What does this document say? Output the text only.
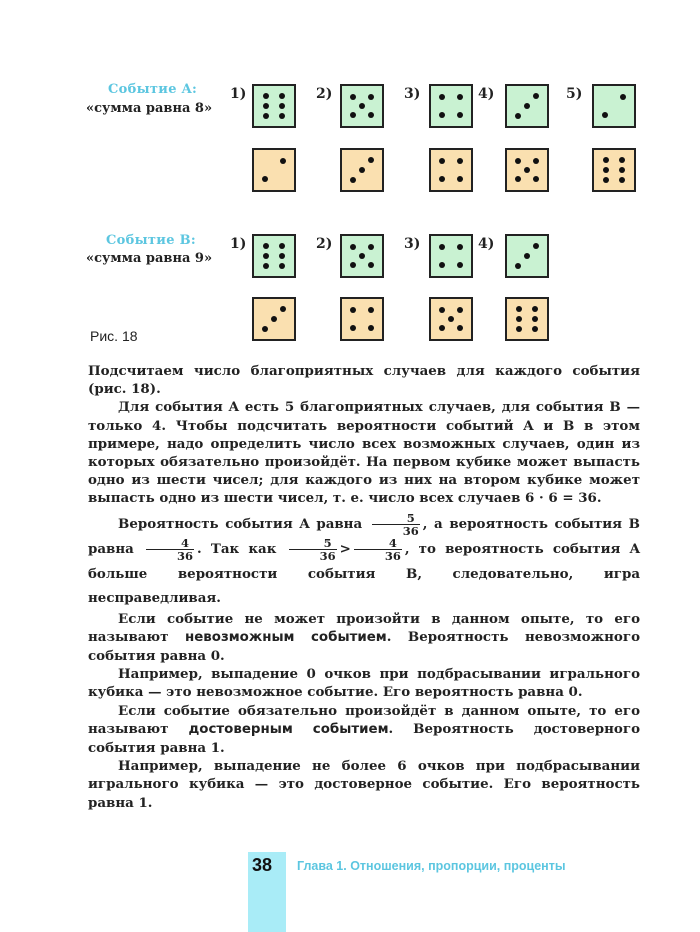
Событие A:
«сумма равна 8»
Событие B:
«сумма равна 9»
1)	2)	3)	4)	5)
1)	2)	3)	4)
Рис. 18

Подсчитаем число благоприятных случаев для каждого события (рис. 18).

Для события A есть 5 благоприятных случаев, для события B — только 4. Чтобы подсчитать вероятности событий A и B в этом примере, надо определить число всех возможных случаев, один из которых обязательно произойдёт. На первом кубике может выпасть одно из шести чисел; для каждого из них на втором кубике может выпасть одно из шести чисел, т. е. число всех случаев 6 · 6 = 36.

Вероятность события A равна $\frac{5}{36}$ , а вероятность события B равна $\frac{4}{36}$ . Так как $\frac{5}{36} > \frac{4}{36}$ , то вероятность события A больше вероятности события B, следовательно, игра несправедливая.

Если событие не может произойти в данном опыте, то его называют невозможным событием. Вероятность невозможного события равна 0.

Например, выпадение 0 очков при подбрасывании игрального кубика — это невозможное событие. Его вероятность равна 0.

Если событие обязательно произойдёт в данном опыте, то его называют достоверным событием. Вероятность достоверного события равна 1.

Например, выпадение не более 6 очков при подбрасывании игрального кубика — это достоверное событие. Его вероятность равна 1.

38 Глава 1. Отношения, пропорции, проценты
